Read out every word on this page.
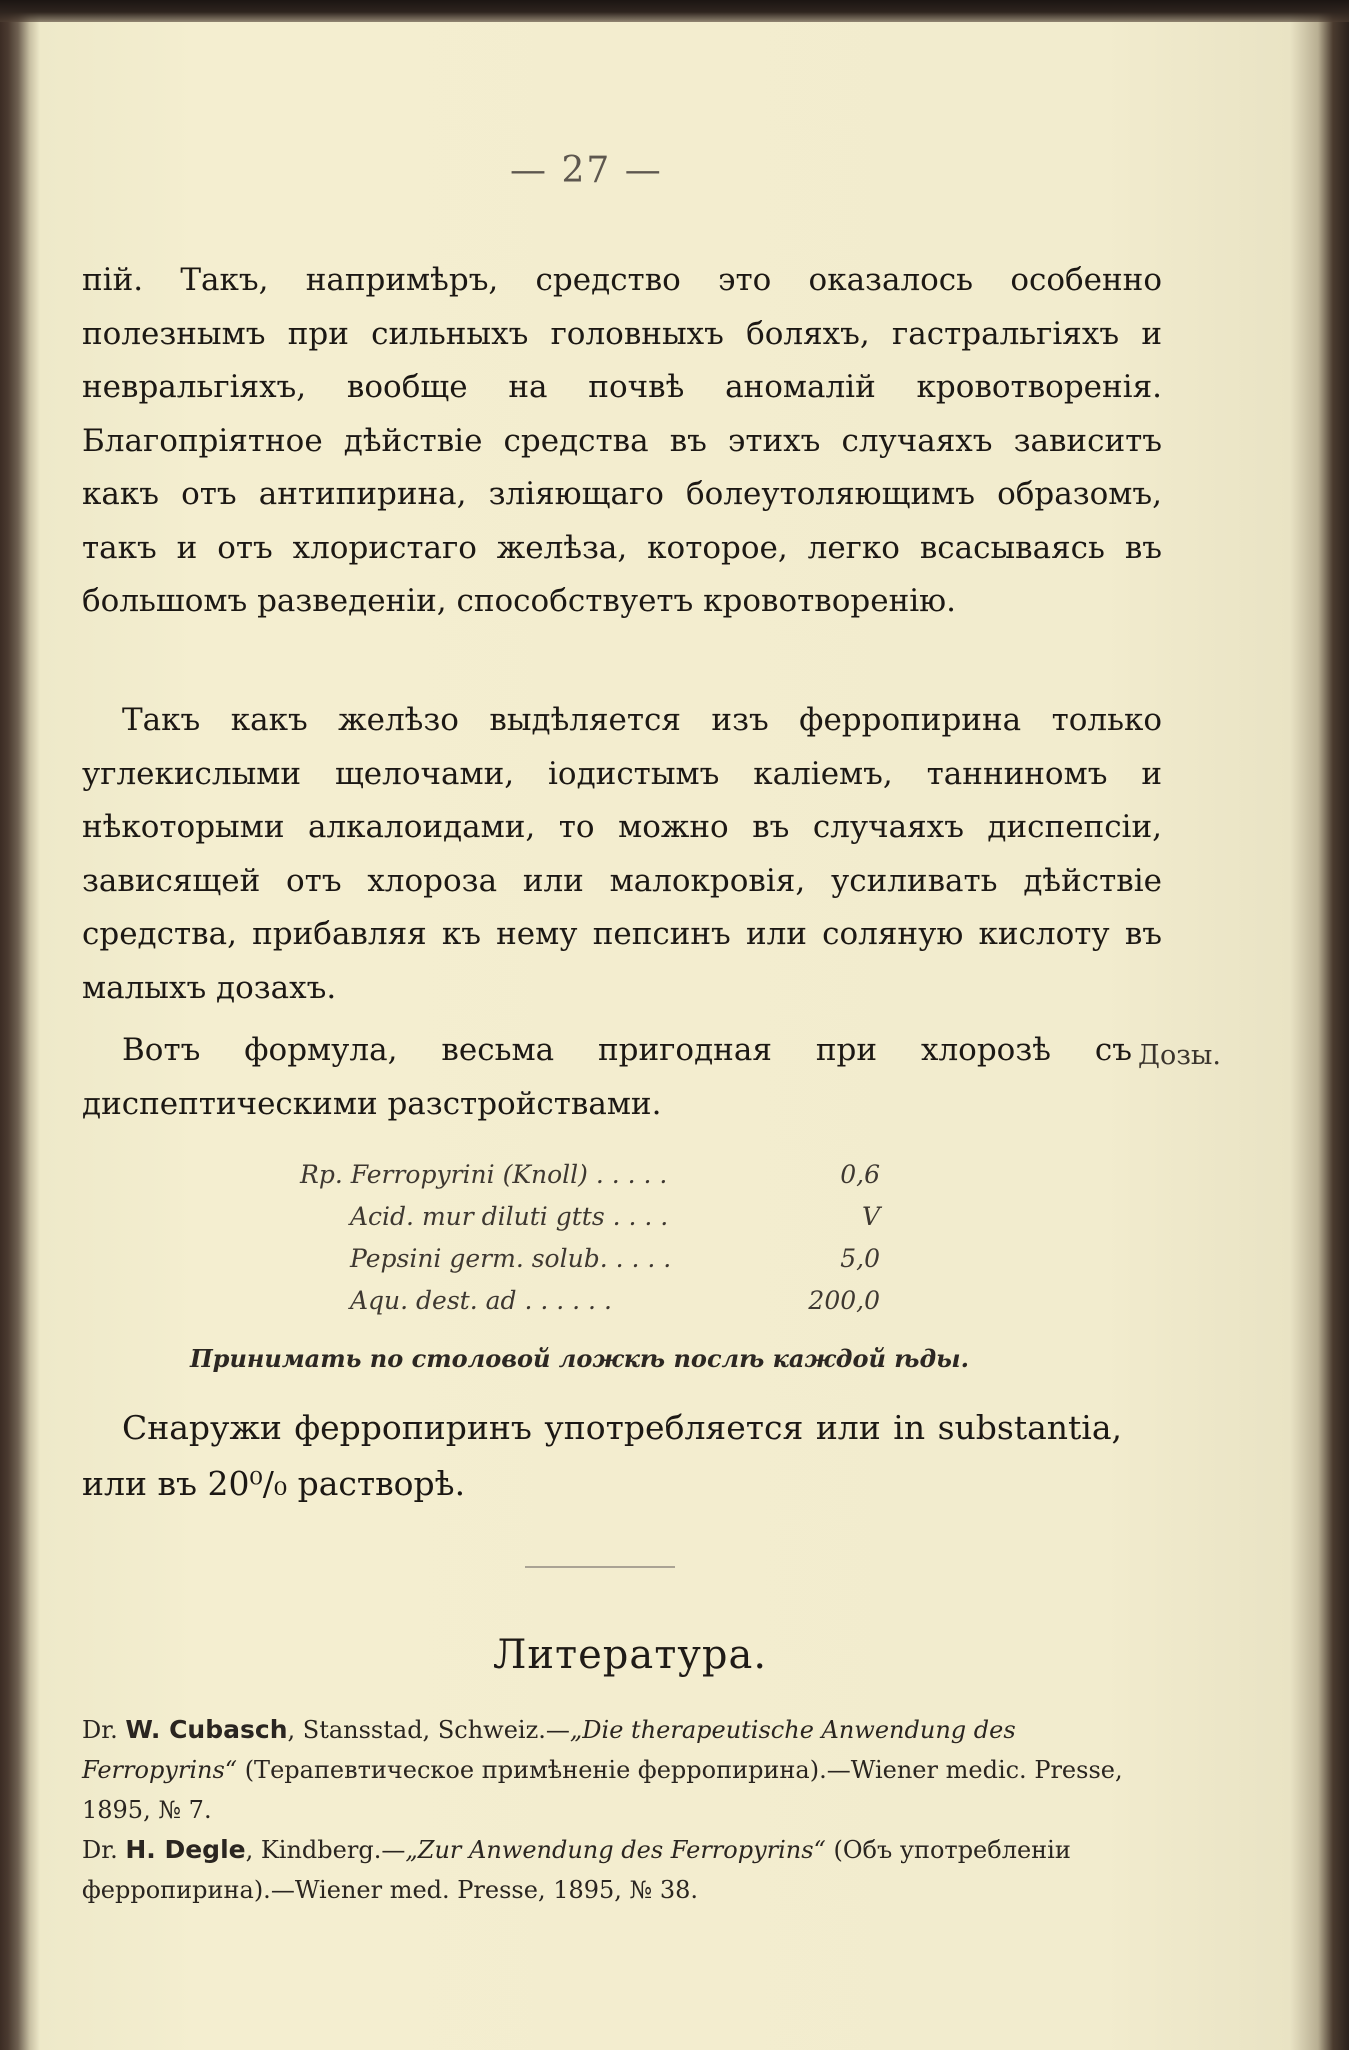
— 27 —

пій. Такъ, напримѣръ, средство это оказалось особенно полезнымъ при сильныхъ головныхъ боляхъ, гастральгіяхъ и невральгіяхъ, вообще на почвѣ аномалій кровотворенія. Благопріятное дѣйствіе средства въ этихъ случаяхъ зависитъ какъ отъ антипирина, зліяющаго болеутоляющимъ образомъ, такъ и отъ хлористаго желѣза, которое, легко всасываясь въ большомъ разведеніи, способствуетъ кровотворенію.

Такъ какъ желѣзо выдѣляется изъ ферропирина только углекислыми щелочами, іодистымъ каліемъ, танниномъ и нѣкоторыми алкалоидами, то можно въ случаяхъ диспепсіи, зависящей отъ хлороза или малокровія, усиливать дѣйствіе средства, прибавляя къ нему пепсинъ или соляную кислоту въ малыхъ дозахъ.

Вотъ формула, весьма пригодная при хлорозѣ съ диспептическими разстройствами.

Дозы.
Rp. Ferropyrini (Knoll) . . . . .	0,6
Acid. mur diluti gtts . . . .	V
Pepsini germ. solub. . . . .	5,0
Aqu. dest. ad . . . . . .	200,0
Принимать по столовой ложкѣ послѣ каждой ѣды.

Снаружи ферропиринъ употребляется или in substantia, или въ 20⁰/₀ растворѣ.

Литература.
Dr. W. Cubasch, Stansstad, Schweiz.—„Die therapeutische Anwendung des Ferropyrins“ (Терапевтическое примѣненіе ферропирина).—Wiener medic. Presse, 1895, № 7.
Dr. H. Degle, Kindberg.—„Zur Anwendung des Ferropyrins“ (Объ употребленіи ферропирина).—Wiener med. Presse, 1895, № 38.
